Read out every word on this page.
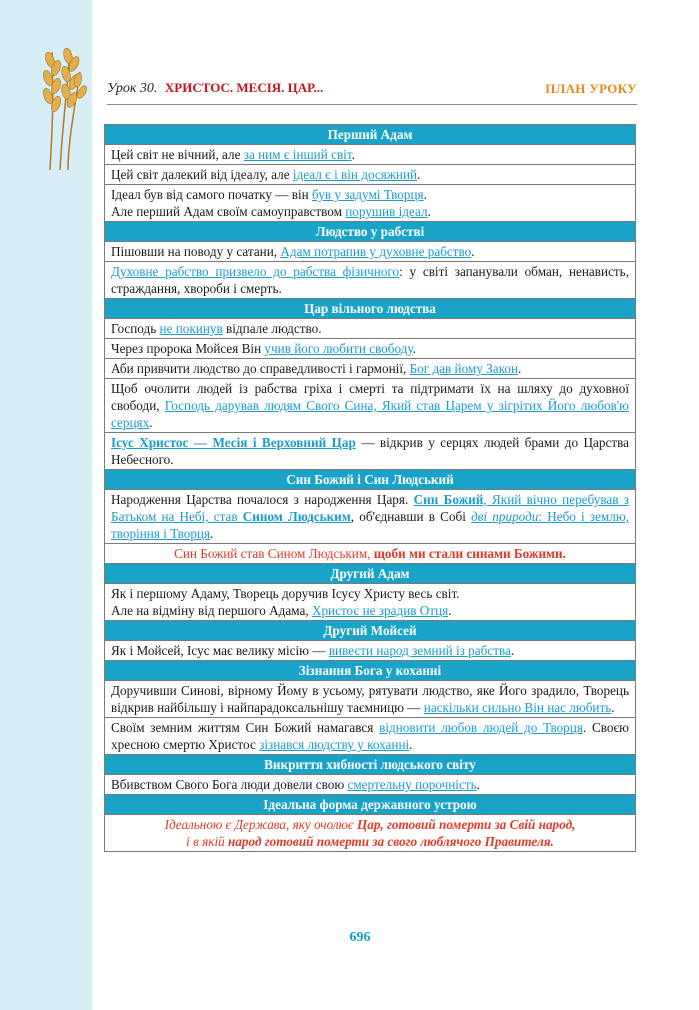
Урок 30. ХРИСТОС. МЕСІЯ. ЦАР...	ПЛАН УРОКУ
Перший Адам
Цей світ не вічний, але за ним є інший світ.
Цей світ далекий від ідеалу, але ідеал є і він досяжний.
Ідеал був від самого початку — він був у задумі Творця.
Але перший Адам своїм самоуправством порушив ідеал.
Людство у рабстві
Пішовши на поводу у сатани, Адам потрапив у духовне рабство.
Духовне рабство призвело до рабства фізичного: у світі запанували обман, ненависть, страждання, хвороби і смерть.
Цар вільного людства
Господь не покинув відпале людство.
Через пророка Мойсея Він учив його любити свободу.
Аби привчити людство до справедливості і гармонії, Бог дав йому Закон.
Щоб очолити людей із рабства гріха і смерті та підтримати їх на шляху до духовної свободи, Господь дарував людям Свого Сина, Який став Царем у зігрітих Його любов'ю серцях.
Ісус Христос — Месія і Верховний Цар — відкрив у серцях людей брами до Царства Небесного.
Син Божий і Син Людський
Народження Царства почалося з народження Царя. Син Божий, Який вічно перебував з Батьком на Небі, став Сином Людським, об'єднавши в Собі дві природи: Небо і землю, творіння і Творця.
Син Божий став Сином Людським, щоби ми стали синами Божими.
Другий Адам
Як і першому Адаму, Творець доручив Ісусу Христу весь світ.
Але на відміну від першого Адама, Христос не зрадив Отця.
Другий Мойсей
Як і Мойсей, Ісус має велику місію — вивести народ земний із рабства.
Зізнання Бога у коханні
Доручивши Синові, вірному Йому в усьому, рятувати людство, яке Його зрадило, Творець відкрив найбільшу і найпарадоксальнішу таємницю — наскільки сильно Він нас любить.
Своїм земним життям Син Божий намагався відновити любов людей до Творця. Своєю хресною смертю Христос зізнався людству у коханні.
Викриття хибності людського світу
Вбивством Свого Бога люди довели свою смертельну порочність.
Ідеальна форма державного устрою
Ідеальною є Держава, яку очолює Цар, готовий померти за Свій народ,
і в якій народ готовий померти за свого люблячого Правителя.
696
